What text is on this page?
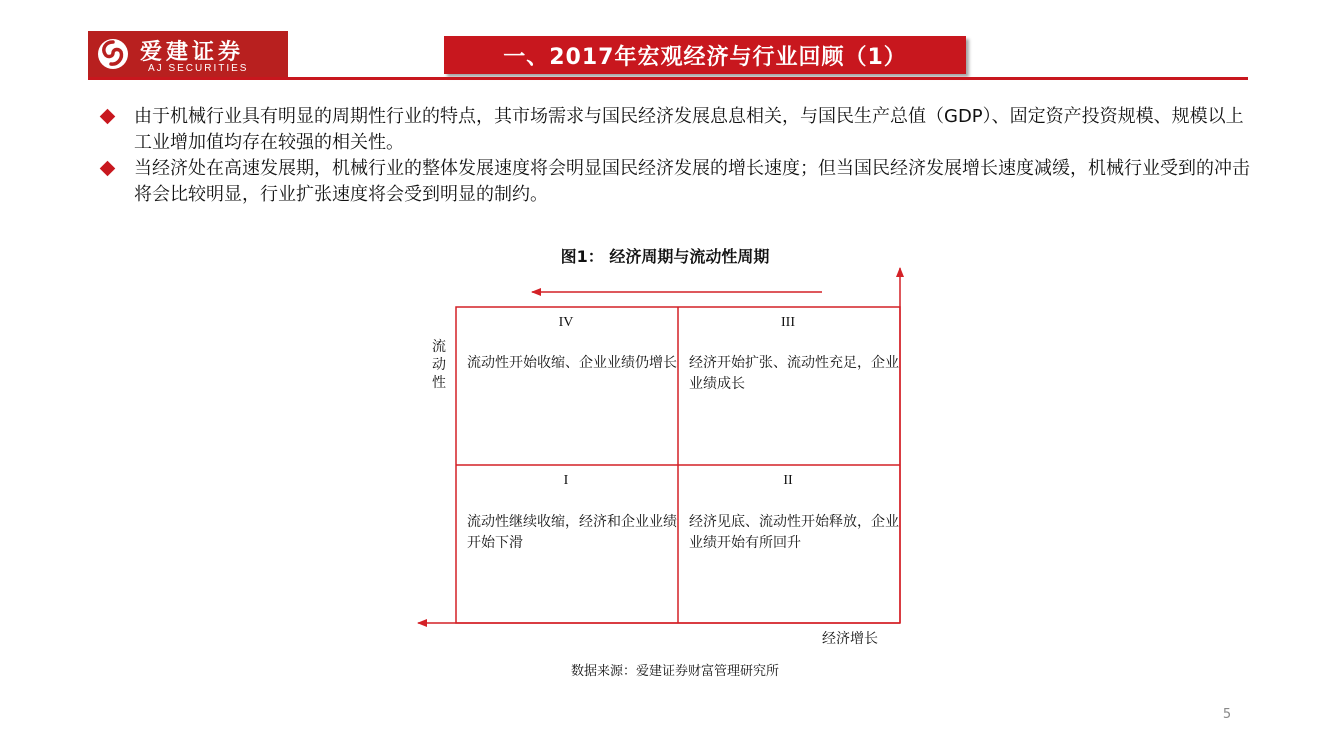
爱建证券
AJ SECURITIES	一、2017年宏观经济与行业回顾（1）
由于机械行业具有明显的周期性行业的特点，其市场需求与国民经济发展息息相关，与国民生产总值（GDP）、固定资产投资规模、规模以上工业增加值均存在较强的相关性。
当经济处在高速发展期，机械行业的整体发展速度将会明显国民经济发展的增长速度；但当国民经济发展增长速度减缓，机械行业受到的冲击将会比较明显，行业扩张速度将会受到明显的制约。
图1： 经济周期与流动性周期
IV
流动性开始收缩、企业业绩仍增长
III
经济开始扩张、流动性充足，企业业绩成长
I
流动性继续收缩，经济和企业业绩开始下滑
II
经济见底、流动性开始释放，企业业绩开始有所回升
流动性
经济增长
数据来源：爱建证券财富管理研究所
5
